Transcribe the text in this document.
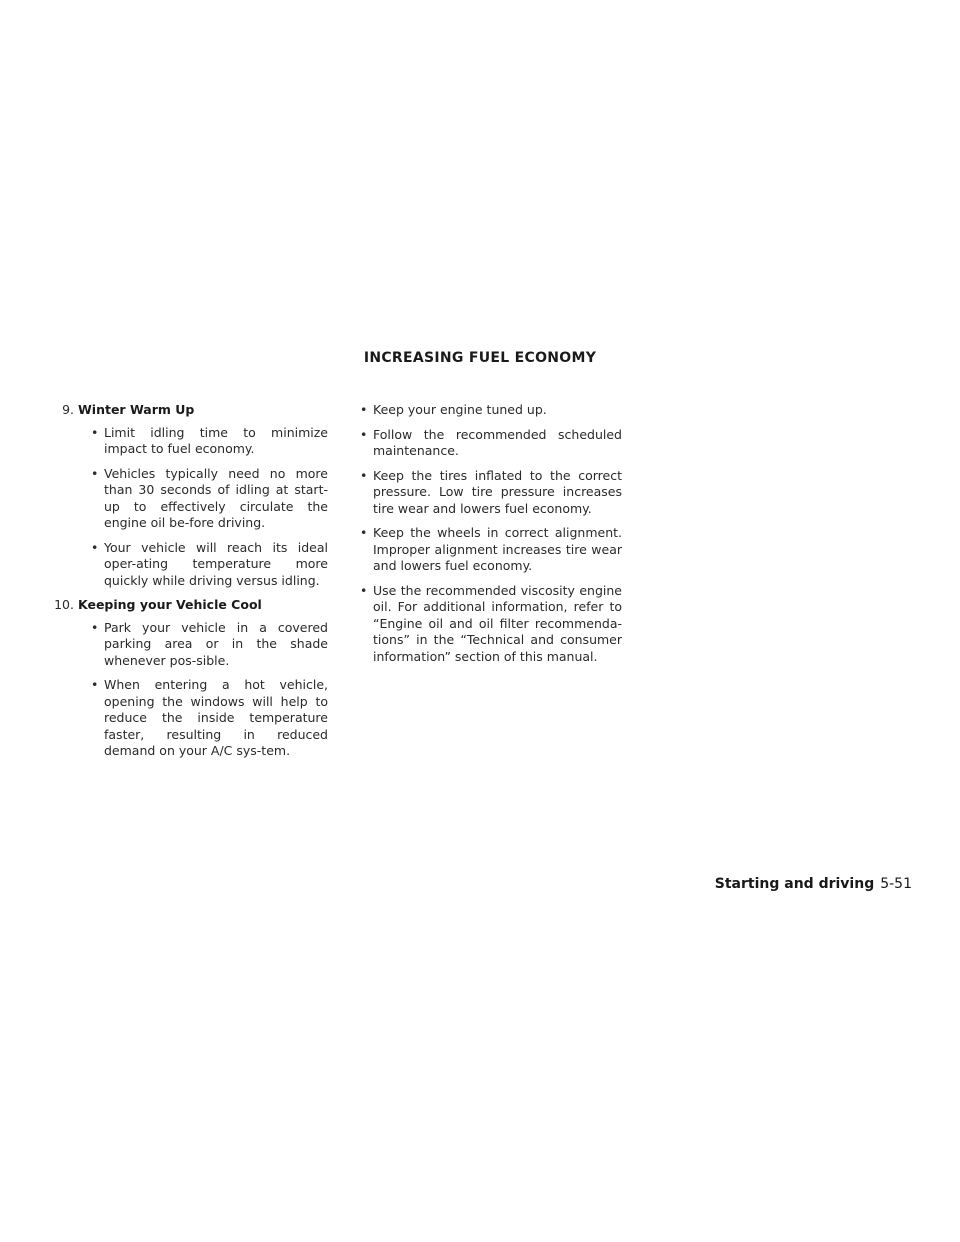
INCREASING FUEL ECONOMY
9. Winter Warm Up
• Limit idling time to minimize impact to fuel economy.
• Vehicles typically need no more than 30 seconds of idling at start-up to effectively circulate the engine oil be-fore driving.
• Your vehicle will reach its ideal oper-ating temperature more quickly while driving versus idling.
10. Keeping your Vehicle Cool
• Park your vehicle in a covered parking area or in the shade whenever pos-sible.
• When entering a hot vehicle, opening the windows will help to reduce the inside temperature faster, resulting in reduced demand on your A/C sys-tem.
• Keep your engine tuned up.
• Follow the recommended scheduled maintenance.
• Keep the tires inflated to the correct pressure. Low tire pressure increases tire wear and lowers fuel economy.
• Keep the wheels in correct alignment. Improper alignment increases tire wear and lowers fuel economy.
• Use the recommended viscosity engine oil. For additional information, refer to “Engine oil and oil filter recommenda-tions” in the “Technical and consumer information” section of this manual.
Starting and driving 5-51
